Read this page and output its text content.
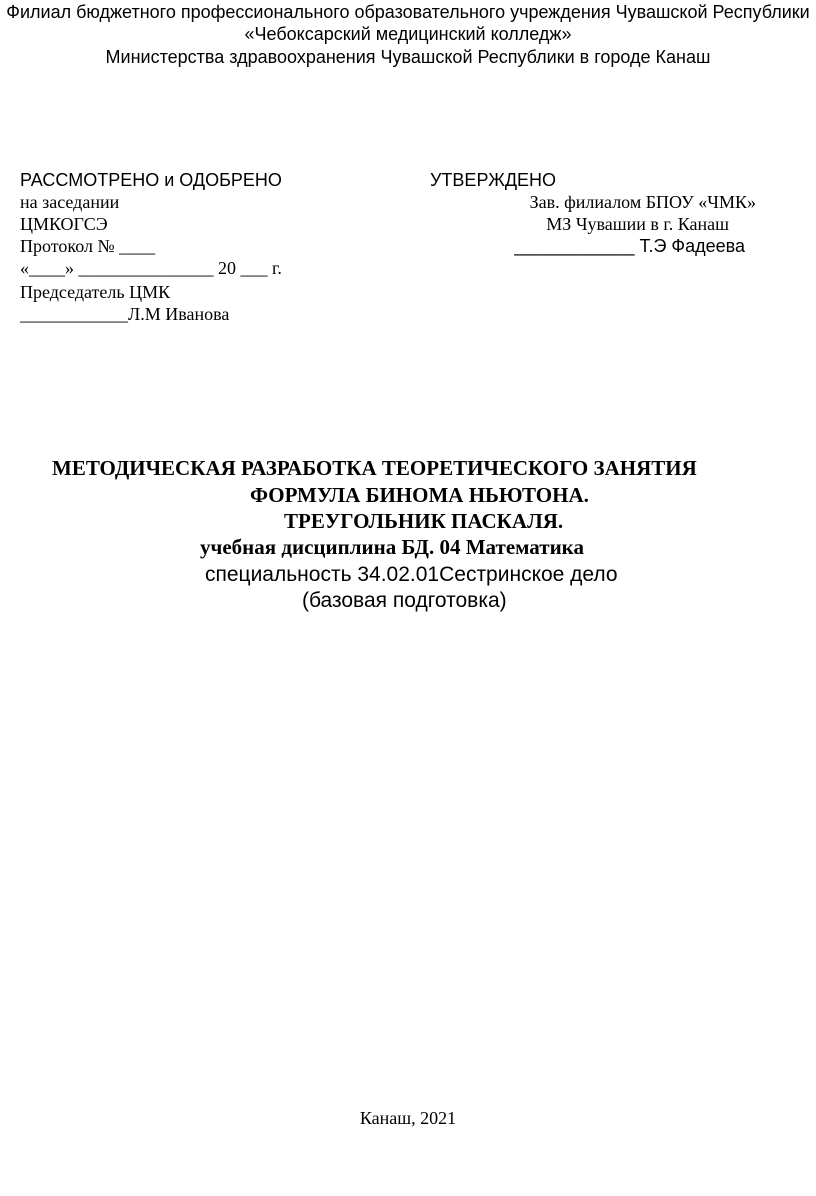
Филиал бюджетного профессионального образовательного учреждения Чувашской Республики
«Чебоксарский медицинский колледж»
Министерства здравоохранения Чувашской Республики в городе Канаш
РАССМОТРЕНО и ОДОБРЕНО
на заседании
ЦМКОГСЭ
Протокол № ____
«____» _______________ 20 ___ г.
Председатель ЦМК
____________Л.М Иванова
УТВЕРЖДЕНО
Зав. филиалом БПОУ «ЧМК»
МЗ Чувашии в г. Канаш
____________ Т.Э Фадеева
МЕТОДИЧЕСКАЯ РАЗРАБОТКА ТЕОРЕТИЧЕСКОГО ЗАНЯТИЯ
ФОРМУЛА БИНОМА НЬЮТОНА.
ТРЕУГОЛЬНИК ПАСКАЛЯ.
учебная дисциплина БД. 04 Математика
специальность 34.02.01Сестринское дело
(базовая подготовка)
Канаш, 2021
